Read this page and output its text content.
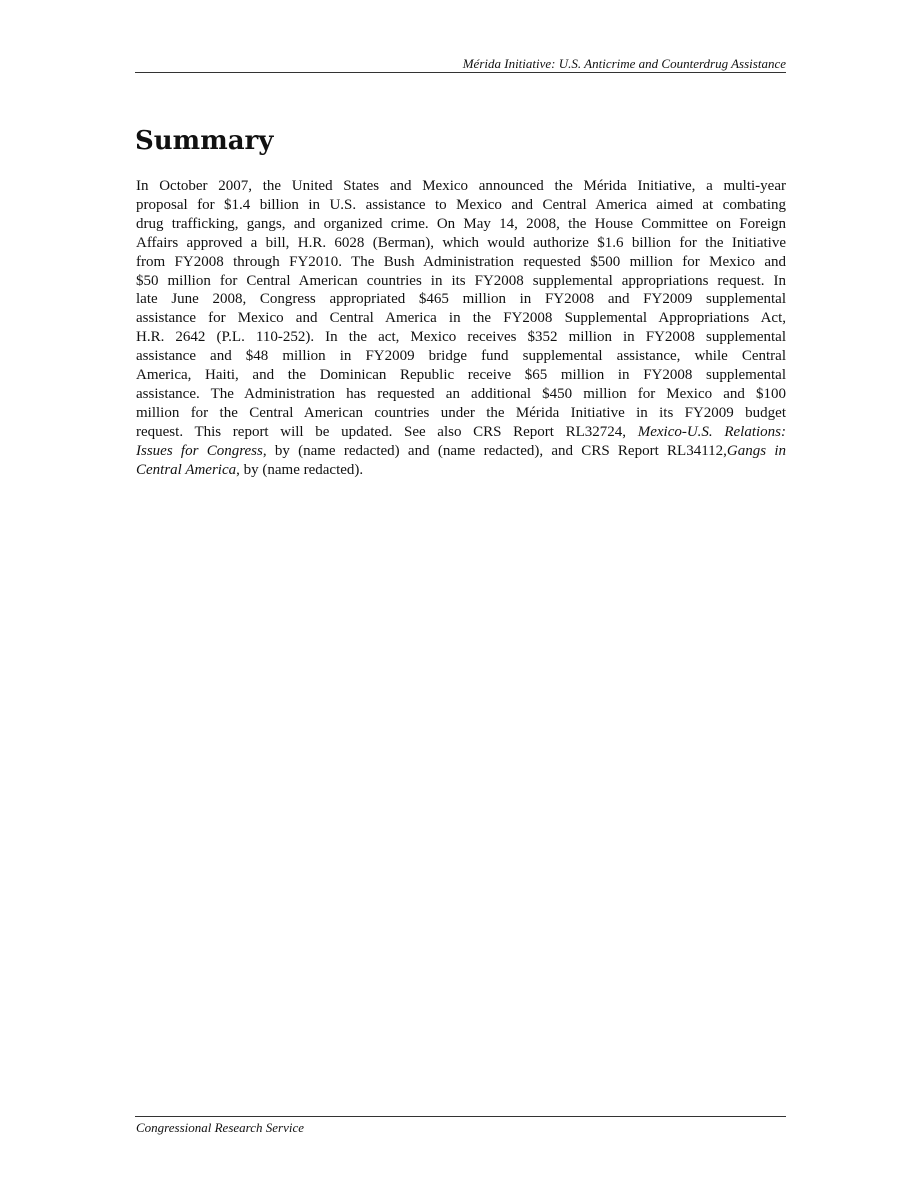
Mérida Initiative: U.S. Anticrime and Counterdrug Assistance
Summary
In October 2007, the United States and Mexico announced the Mérida Initiative, a multi-year
proposal for $1.4 billion in U.S. assistance to Mexico and Central America aimed at combating
drug trafficking, gangs, and organized crime. On May 14, 2008, the House Committee on Foreign
Affairs approved a bill, H.R. 6028 (Berman), which would authorize $1.6 billion for the Initiative
from FY2008 through FY2010. The Bush Administration requested $500 million for Mexico and
$50 million for Central American countries in its FY2008 supplemental appropriations request. In
late June 2008, Congress appropriated $465 million in FY2008 and FY2009 supplemental
assistance for Mexico and Central America in the FY2008 Supplemental Appropriations Act,
H.R. 2642 (P.L. 110-252). In the act, Mexico receives $352 million in FY2008 supplemental
assistance and $48 million in FY2009 bridge fund supplemental assistance, while Central
America, Haiti, and the Dominican Republic receive $65 million in FY2008 supplemental
assistance. The Administration has requested an additional $450 million for Mexico and $100
million for the Central American countries under the Mérida Initiative in its FY2009 budget
request. This report will be updated. See also CRS Report RL32724, Mexico-U.S. Relations:
Issues for Congress, by (name redacted) and (name redacted), and CRS Report RL34112,Gangs in
Central America, by (name redacted).
Congressional Research Service
